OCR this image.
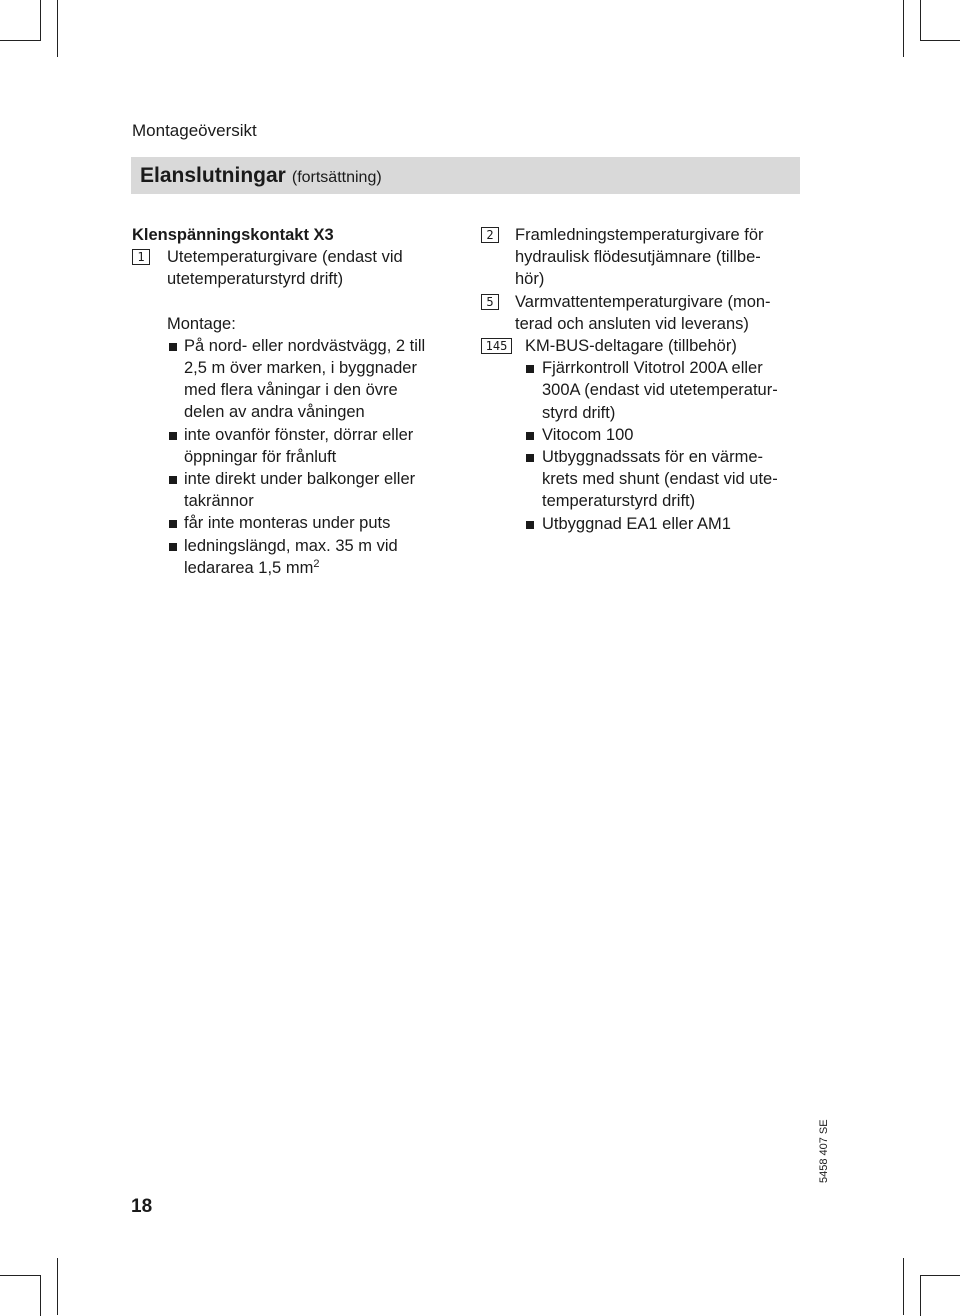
Montageöversikt
Elanslutningar (fortsättning)
Klenspänningskontakt X3
1	Utetemperaturgivare (endast vid
utetemperaturstyrd drift)
Montage:
På nord- eller nordvästvägg, 2 till
2,5 m över marken, i byggnader
med flera våningar i den övre
delen av andra våningen
inte ovanför fönster, dörrar eller
öppningar för frånluft
inte direkt under balkonger eller
takrännor
får inte monteras under puts
ledningslängd, max. 35 m vid
ledararea 1,5 $mm^2$
2	Framledningstemperaturgivare för
hydraulisk flödesutjämnare (tillbe-
hör)
5	Varmvattentemperaturgivare (mon-
terad och ansluten vid leverans)
145 KM-BUS-deltagare (tillbehör)
Fjärrkontroll Vitotrol 200A eller
300A (endast vid utetemperatur-
styrd drift)
Vitocom 100
Utbyggnadssats för en värme-
krets med shunt (endast vid ute-
temperaturstyrd drift)
Utbyggnad EA1 eller AM1
18
5458 407 SE
